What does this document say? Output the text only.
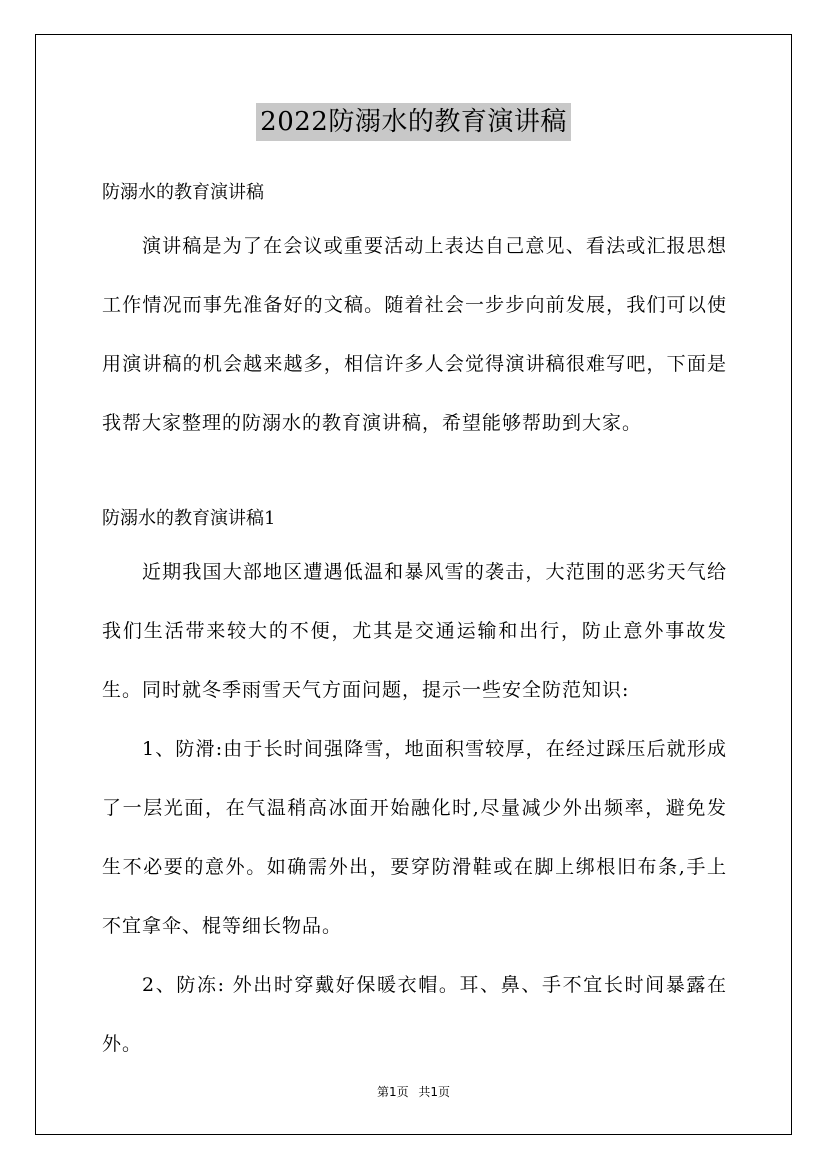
2022防溺水的教育演讲稿
防溺水的教育演讲稿

演讲稿是为了在会议或重要活动上表达自己意见、看法或汇报思想工作情况而事先准备好的文稿。随着社会一步步向前发展，我们可以使用演讲稿的机会越来越多，相信许多人会觉得演讲稿很难写吧，下面是我帮大家整理的防溺水的教育演讲稿，希望能够帮助到大家。

防溺水的教育演讲稿1

近期我国大部地区遭遇低温和暴风雪的袭击，大范围的恶劣天气给我们生活带来较大的不便，尤其是交通运输和出行，防止意外事故发生。同时就冬季雨雪天气方面问题，提示一些安全防范知识:

1、防滑:由于长时间强降雪，地面积雪较厚，在经过踩压后就形成了一层光面，在气温稍高冰面开始融化时,尽量减少外出频率，避免发生不必要的意外。如确需外出，要穿防滑鞋或在脚上绑根旧布条,手上不宜拿伞、棍等细长物品。

2、防冻: 外出时穿戴好保暖衣帽。耳、鼻、手不宜长时间暴露在外。

第1页 共1页
